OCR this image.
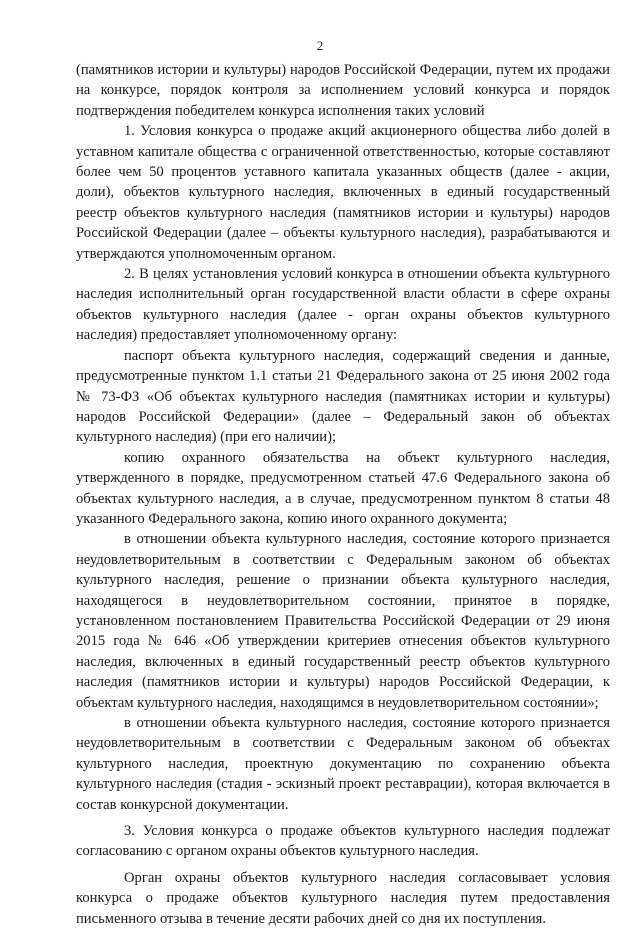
2

(памятников истории и культуры) народов Российской Федерации, путем их продажи на конкурсе, порядок контроля за исполнением условий конкурса и порядок подтверждения победителем конкурса исполнения таких условий

1. Условия конкурса о продаже акций акционерного общества либо долей в уставном капитале общества с ограниченной ответственностью, которые составляют более чем 50 процентов уставного капитала указанных обществ (далее - акции, доли), объектов культурного наследия, включенных в единый государственный реестр объектов культурного наследия (памятников истории и культуры) народов Российской Федерации (далее – объекты культурного наследия), разрабатываются и утверждаются уполномоченным органом.

2. В целях установления условий конкурса в отношении объекта культурного наследия исполнительный орган государственной власти области в сфере охраны объектов культурного наследия (далее - орган охраны объектов культурного наследия) предоставляет уполномоченному органу:

паспорт объекта культурного наследия, содержащий сведения и данные, предусмотренные пунктом 1.1 статьи 21 Федерального закона от 25 июня 2002 года № 73-ФЗ «Об объектах культурного наследия (памятниках истории и культуры) народов Российской Федерации» (далее – Федеральный закон об объектах культурного наследия) (при его наличии);

копию охранного обязательства на объект культурного наследия, утвержденного в порядке, предусмотренном статьей 47.6 Федерального закона об объектах культурного наследия, а в случае, предусмотренном пунктом 8 статьи 48 указанного Федерального закона, копию иного охранного документа;

в отношении объекта культурного наследия, состояние которого признается неудовлетворительным в соответствии с Федеральным законом об объектах культурного наследия, решение о признании объекта культурного наследия, находящегося в неудовлетворительном состоянии, принятое в порядке, установленном постановлением Правительства Российской Федерации от 29 июня 2015 года № 646 «Об утверждении критериев отнесения объектов культурного наследия, включенных в единый государственный реестр объектов культурного наследия (памятников истории и культуры) народов Российской Федерации, к объектам культурного наследия, находящимся в неудовлетворительном состоянии»;

в отношении объекта культурного наследия, состояние которого признается неудовлетворительным в соответствии с Федеральным законом об объектах культурного наследия, проектную документацию по сохранению объекта культурного наследия (стадия - эскизный проект реставрации), которая включается в состав конкурсной документации.

3. Условия конкурса о продаже объектов культурного наследия подлежат согласованию с органом охраны объектов культурного наследия.

Орган охраны объектов культурного наследия согласовывает условия конкурса о продаже объектов культурного наследия путем предоставления письменного отзыва в течение десяти рабочих дней со дня их поступления.
